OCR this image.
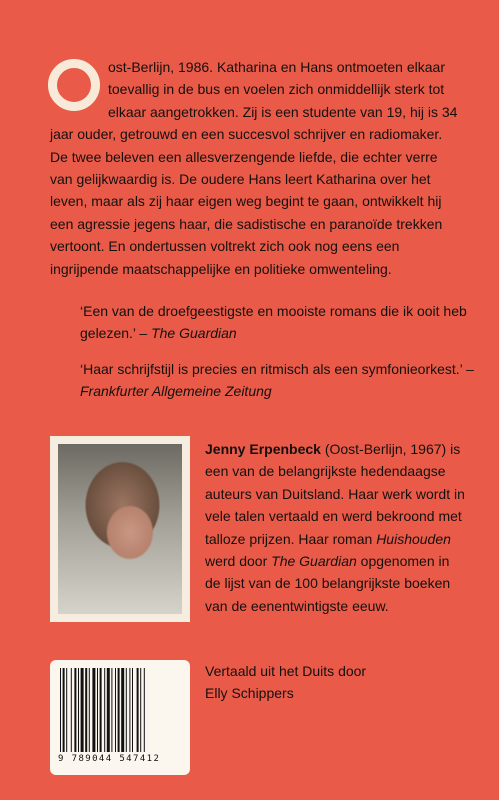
ost-Berlijn, 1986. Katharina en Hans ontmoeten elkaar toevallig in de bus en voelen zich onmiddellijk sterk tot elkaar aangetrokken. Zij is een studente van 19, hij is 34 jaar ouder, getrouwd en een succesvol schrijver en radiomaker. De twee beleven een allesverzengende liefde, die echter verre van gelijkwaardig is. De oudere Hans leert Katharina over het leven, maar als zij haar eigen weg begint te gaan, ontwikkelt hij een agressie jegens haar, die sadistische en paranoïde trekken vertoont. En ondertussen voltrekt zich ook nog eens een ingrijpende maatschappelijke en politieke omwenteling.
‘Een van de droefgeestigste en mooiste romans die ik ooit heb gelezen.’ – The Guardian
‘Haar schrijfstijl is precies en ritmisch als een symfonieorkest.’ – Frankfurter Allgemeine Zeitung
Jenny Erpenbeck (Oost-Berlijn, 1967) is een van de belangrijkste hedendaagse auteurs van Duitsland. Haar werk wordt in vele talen vertaald en werd bekroond met talloze prijzen. Haar roman Huishouden werd door The Guardian opgenomen in de lijst van de 100 belangrijkste boeken van de eenentwintigste eeuw.
9 789044 547412
Vertaald uit het Duits door
Elly Schippers
